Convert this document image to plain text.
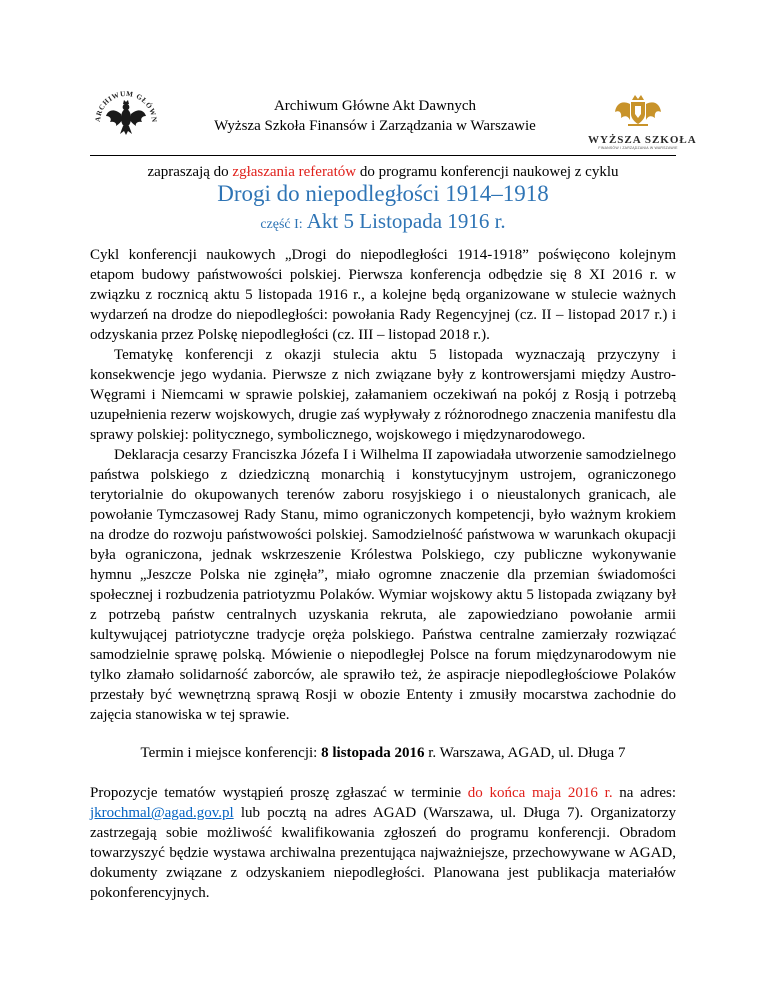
ARCHIWUM GŁÓWN
WYŻSZA SZKOŁA
FINANSÓW I ZARZĄDZANIA W WARSZAWIE
Archiwum Główne Akt Dawnych
Wyższa Szkoła Finansów i Zarządzania w Warszawie
zapraszają do zgłaszania referatów do programu konferencji naukowej z cyklu
Drogi do niepodległości 1914–1918
część I: Akt 5 Listopada 1916 r.

Cykl konferencji naukowych „Drogi do niepodległości 1914-1918” poświęcono kolejnym etapom budowy państwowości polskiej. Pierwsza konferencja odbędzie się 8 XI 2016 r. w związku z rocznicą aktu 5 listopada 1916 r., a kolejne będą organizowane w stulecie ważnych wydarzeń na drodze do niepodległości: powołania Rady Regencyjnej (cz. II – listopad 2017 r.) i odzyskania przez Polskę niepodległości (cz. III – listopad 2018 r.).

Tematykę konferencji z okazji stulecia aktu 5 listopada wyznaczają przyczyny i konsekwencje jego wydania. Pierwsze z nich związane były z kontrowersjami między Austro-Węgrami i Niemcami w sprawie polskiej, załamaniem oczekiwań na pokój z Rosją i potrzebą uzupełnienia rezerw wojskowych, drugie zaś wypływały z różnorodnego znaczenia manifestu dla sprawy polskiej: politycznego, symbolicznego, wojskowego i międzynarodowego.

Deklaracja cesarzy Franciszka Józefa I i Wilhelma II zapowiadała utworzenie samodzielnego państwa polskiego z dziedziczną monarchią i konstytucyjnym ustrojem, ograniczonego terytorialnie do okupowanych terenów zaboru rosyjskiego i o nieustalonych granicach, ale powołanie Tymczasowej Rady Stanu, mimo ograniczonych kompetencji, było ważnym krokiem na drodze do rozwoju państwowości polskiej. Samodzielność państwowa w warunkach okupacji była ograniczona, jednak wskrzeszenie Królestwa Polskiego, czy publiczne wykonywanie hymnu „Jeszcze Polska nie zginęła”, miało ogromne znaczenie dla przemian świadomości społecznej i rozbudzenia patriotyzmu Polaków. Wymiar wojskowy aktu 5 listopada związany był z potrzebą państw centralnych uzyskania rekruta, ale zapowiedziano powołanie armii kultywującej patriotyczne tradycje oręża polskiego. Państwa centralne zamierzały rozwiązać samodzielnie sprawę polską. Mówienie o niepodległej Polsce na forum międzynarodowym nie tylko złamało solidarność zaborców, ale sprawiło też, że aspiracje niepodległościowe Polaków przestały być wewnętrzną sprawą Rosji w obozie Ententy i zmusiły mocarstwa zachodnie do zajęcia stanowiska w tej sprawie.

Termin i miejsce konferencji: 8 listopada 2016 r. Warszawa, AGAD, ul. Długa 7

Propozycje tematów wystąpień proszę zgłaszać w terminie do końca maja 2016 r. na adres: jkrochmal@agad.gov.pl lub pocztą na adres AGAD (Warszawa, ul. Długa 7). Organizatorzy zastrzegają sobie możliwość kwalifikowania zgłoszeń do programu konferencji. Obradom towarzyszyć będzie wystawa archiwalna prezentująca najważniejsze, przechowywane w AGAD, dokumenty związane z odzyskaniem niepodległości. Planowana jest publikacja materiałów pokonferencyjnych.
